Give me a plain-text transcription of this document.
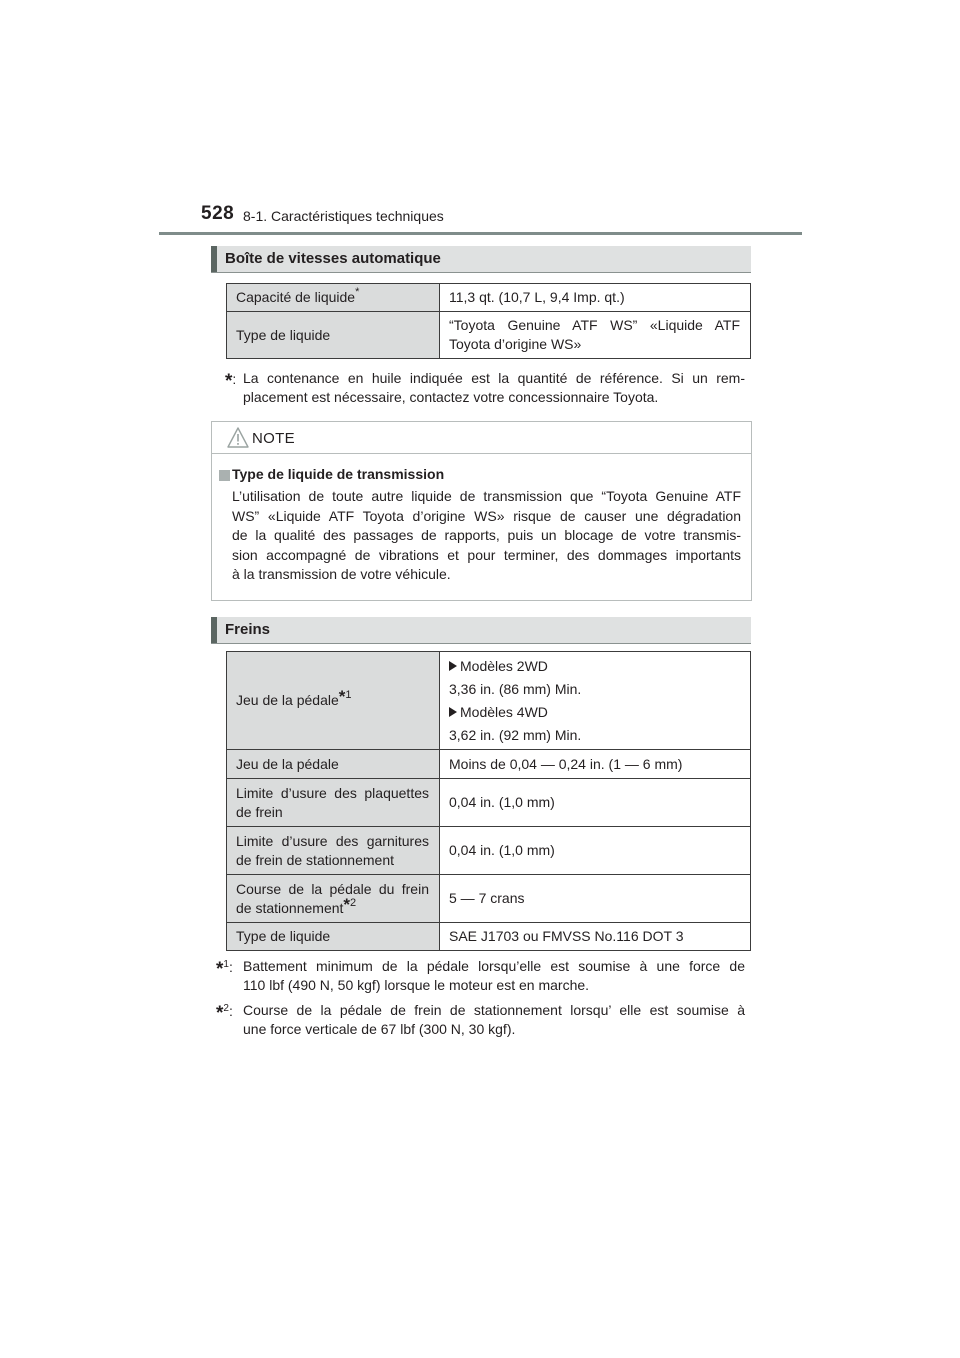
528 8-1. Caractéristiques techniques
Boîte de vitesses automatique
Capacité de liquide*	11,3 qt. (10,7 L, 9,4 Imp. qt.)
Type de liquide	“Toyota Genuine ATF WS” «Liquide ATF
Toyota d’origine WS»
*: La contenance en huile indiquée est la quantité de référence. Si un rem-
placement est nécessaire, contactez votre concessionnaire Toyota.
NOTE
Type de liquide de transmission
L’utilisation de toute autre liquide de transmission que “Toyota Genuine ATF
WS” «Liquide ATF Toyota d’origine WS» risque de causer une dégradation
de la qualité des passages de rapports, puis un blocage de votre transmis-
sion accompagné de vibrations et pour terminer, des dommages importants
à la transmission de votre véhicule.
Freins
Jeu de la pédale*$^1$	Modèles 2WD
3,36 in. (86 mm) Min.
Modèles 4WD
3,62 in. (92 mm) Min.

Jeu de la pédale	Moins de 0,04 — 0,24 in. (1 — 6 mm)

Limite d’usure des plaquettes
de frein	0,04 in. (1,0 mm)

Limite d’usure des garnitures
de frein de stationnement	0,04 in. (1,0 mm)

Course de la pédale du frein
de stationnement*$^2$	5 — 7 crans
Type de liquide	SAE J1703 ou FMVSS No.116 DOT 3
*$^1$: Battement minimum de la pédale lorsqu’elle est soumise à une force de
110 lbf (490 N, 50 kgf) lorsque le moteur est en marche.
*$^2$: Course de la pédale de frein de stationnement lorsqu’ elle est soumise à
une force verticale de 67 lbf (300 N, 30 kgf).
